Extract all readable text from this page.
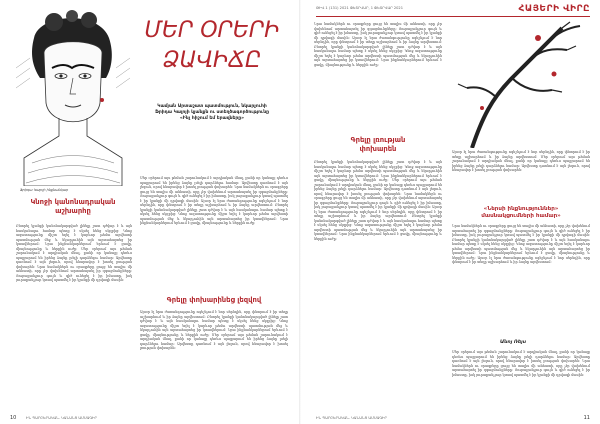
ՄԵՐ ՕՐԵՐԻ
ՁԱՎԻՃԸ
Կամյան Արտաշատ պատմություն, նկարչուհի
Ֆրիդա Կալոյի կյանքն ու ստեղծագործությունը
«Ինչ հիշում եմ երազները»
Ֆրիդա Կալոյի ինքնանկար
Կնոջի կանոնադրական
աշխարհը
Ընտրել կյանքի կանոնակարգված լինելը շատ դժվար է և այն հասկանալու համար պետք է սկսել հենց սկզբից: Կնոջ ազատությունը միշտ եղել է կարևոր թեմա արվեստի պատմության մեջ և նկարչուհին այն արտահայտեց իր կտավներում: Նրա ինքնանկարներում երևում է ցավը, միայնությունը և ներքին ուժը: Մեր օրերում այս թեման շարունակում է արդիական մնալ, քանի որ կանայք դեռևս պայքարում են իրենց ձայնը լսելի դարձնելու համար: Արվեստը դառնում է այն լեզուն, որով հնարավոր է խոսել լռության փոխարեն: Նրա նամակներն ու օրագրերը ցույց են տալիս մի անհատի, որը չէր վախենում արտահայտել իր զգացմունքները: Յուրաքանչյուր գույն և գիծ ունեցել է իր իմաստը, իսկ յուրաքանչյուր կտավ պատմել է իր կյանքի մի դրվագի մասին:
Մեր օրերում այս թեման շարունակում է արդիական մնալ, քանի որ կանայք դեռևս պայքարում են իրենց ձայնը լսելի դարձնելու համար: Արվեստը դառնում է այն լեզուն, որով հնարավոր է խոսել լռության փոխարեն: Նրա նամակներն ու օրագրերը ցույց են տալիս մի անհատի, որը չէր վախենում արտահայտել իր զգացմունքները: Յուրաքանչյուր գույն և գիծ ունեցել է իր իմաստը, իսկ յուրաքանչյուր կտավ պատմել է իր կյանքի մի դրվագի մասին: Այսօր էլ նրա ժառանգությունը ոգեշնչում է նոր սերնդին, որը փնտրում է իր տեղը աշխարհում և իր ձայնը արվեստում: Ընտրել կյանքի կանոնակարգված լինելը շատ դժվար է և այն հասկանալու համար պետք է սկսել հենց սկզբից: Կնոջ ազատությունը միշտ եղել է կարևոր թեմա արվեստի պատմության մեջ և նկարչուհին այն արտահայտեց իր կտավներում: Նրա ինքնանկարներում երևում է ցավը, միայնությունը և ներքին ուժը:
Գրելը փոխարինեց լեզվով
Այսօր էլ նրա ժառանգությունը ոգեշնչում է նոր սերնդին, որը փնտրում է իր տեղը աշխարհում և իր ձայնը արվեստում: Ընտրել կյանքի կանոնակարգված լինելը շատ դժվար է և այն հասկանալու համար պետք է սկսել հենց սկզբից: Կնոջ ազատությունը միշտ եղել է կարևոր թեմա արվեստի պատմության մեջ և նկարչուհին այն արտահայտեց իր կտավներում: Նրա ինքնանկարներում երևում է ցավը, միայնությունը և ներքին ուժը: Մեր օրերում այս թեման շարունակում է արդիական մնալ, քանի որ կանայք դեռևս պայքարում են իրենց ձայնը լսելի դարձնելու համար: Արվեստը դառնում է այն լեզուն, որով հնարավոր է խոսել լռության փոխարեն:
10	ԻՆ ՊԱՐԲԵՐԱԿԱՆ. ԿԱՆԱՆՑ ԱՄՍԱԳԻՐ
ԹԻՎ 1 (131) 2021 ՓԵՏՐՎԱՐ, 1 ՓԵՏՐՎԱՐ 2021	ՀԱՅԵՐԻ ՎԻՐԸ
Նրա նամակներն ու օրագրերը ցույց են տալիս մի անհատի, որը չէր վախենում արտահայտել իր զգացմունքները: Յուրաքանչյուր գույն և գիծ ունեցել է իր իմաստը, իսկ յուրաքանչյուր կտավ պատմել է իր կյանքի մի դրվագի մասին: Այսօր էլ նրա ժառանգությունը ոգեշնչում է նոր սերնդին, որը փնտրում է իր տեղը աշխարհում և իր ձայնը արվեստում: Ընտրել կյանքի կանոնակարգված լինելը շատ դժվար է և այն հասկանալու համար պետք է սկսել հենց սկզբից: Կնոջ ազատությունը միշտ եղել է կարևոր թեմա արվեստի պատմության մեջ և նկարչուհին այն արտահայտեց իր կտավներում: Նրա ինքնանկարներում երևում է ցավը, միայնությունը և ներքին ուժը:
Գրելը լռության
փոխարեն
Ընտրել կյանքի կանոնակարգված լինելը շատ դժվար է և այն հասկանալու համար պետք է սկսել հենց սկզբից: Կնոջ ազատությունը միշտ եղել է կարևոր թեմա արվեստի պատմության մեջ և նկարչուհին այն արտահայտեց իր կտավներում: Նրա ինքնանկարներում երևում է ցավը, միայնությունը և ներքին ուժը: Մեր օրերում այս թեման շարունակում է արդիական մնալ, քանի որ կանայք դեռևս պայքարում են իրենց ձայնը լսելի դարձնելու համար: Արվեստը դառնում է այն լեզուն, որով հնարավոր է խոսել լռության փոխարեն: Նրա նամակներն ու օրագրերը ցույց են տալիս մի անհատի, որը չէր վախենում արտահայտել իր զգացմունքները: Յուրաքանչյուր գույն և գիծ ունեցել է իր իմաստը, իսկ յուրաքանչյուր կտավ պատմել է իր կյանքի մի դրվագի մասին: Այսօր էլ նրա ժառանգությունը ոգեշնչում է նոր սերնդին, որը փնտրում է իր տեղը աշխարհում և իր ձայնը արվեստում: Ընտրել կյանքի կանոնակարգված լինելը շատ դժվար է և այն հասկանալու համար պետք է սկսել հենց սկզբից: Կնոջ ազատությունը միշտ եղել է կարևոր թեմա արվեստի պատմության մեջ և նկարչուհին այն արտահայտեց իր կտավներում: Նրա ինքնանկարներում երևում է ցավը, միայնությունը և ներքին ուժը:
Այսօր էլ նրա ժառանգությունը ոգեշնչում է նոր սերնդին, որը փնտրում է իր տեղը աշխարհում և իր ձայնը արվեստում: Մեր օրերում այս թեման շարունակում է արդիական մնալ, քանի որ կանայք դեռևս պայքարում են իրենց ձայնը լսելի դարձնելու համար: Արվեստը դառնում է այն լեզուն, որով հնարավոր է խոսել լռության փոխարեն:
«Ներսի ինքնություններ»
մասնակցումների համար»
Նրա նամակներն ու օրագրերը ցույց են տալիս մի անհատի, որը չէր վախենում արտահայտել իր զգացմունքները: Յուրաքանչյուր գույն և գիծ ունեցել է իր իմաստը, իսկ յուրաքանչյուր կտավ պատմել է իր կյանքի մի դրվագի մասին: Ընտրել կյանքի կանոնակարգված լինելը շատ դժվար է և այն հասկանալու համար պետք է սկսել հենց սկզբից: Կնոջ ազատությունը միշտ եղել է կարևոր թեմա արվեստի պատմության մեջ և նկարչուհին այն արտահայտեց իր կտավներում: Նրա ինքնանկարներում երևում է ցավը, միայնությունը և ներքին ուժը: Այսօր էլ նրա ժառանգությունը ոգեշնչում է նոր սերնդին, որը փնտրում է իր տեղը աշխարհում և իր ձայնը արվեստում:
Անոյ Ռեյս
Մեր օրերում այս թեման շարունակում է արդիական մնալ, քանի որ կանայք դեռևս պայքարում են իրենց ձայնը լսելի դարձնելու համար: Արվեստը դառնում է այն լեզուն, որով հնարավոր է խոսել լռության փոխարեն: Նրա նամակներն ու օրագրերը ցույց են տալիս մի անհատի, որը չէր վախենում արտահայտել իր զգացմունքները: Յուրաքանչյուր գույն և գիծ ունեցել է իր իմաստը, իսկ յուրաքանչյուր կտավ պատմել է իր կյանքի մի դրվագի մասին:
ԻՆ ՊԱՐԲԵՐԱԿԱՆ. ԿԱՆԱՆՑ ԱՄՍԱԳԻՐ	11
